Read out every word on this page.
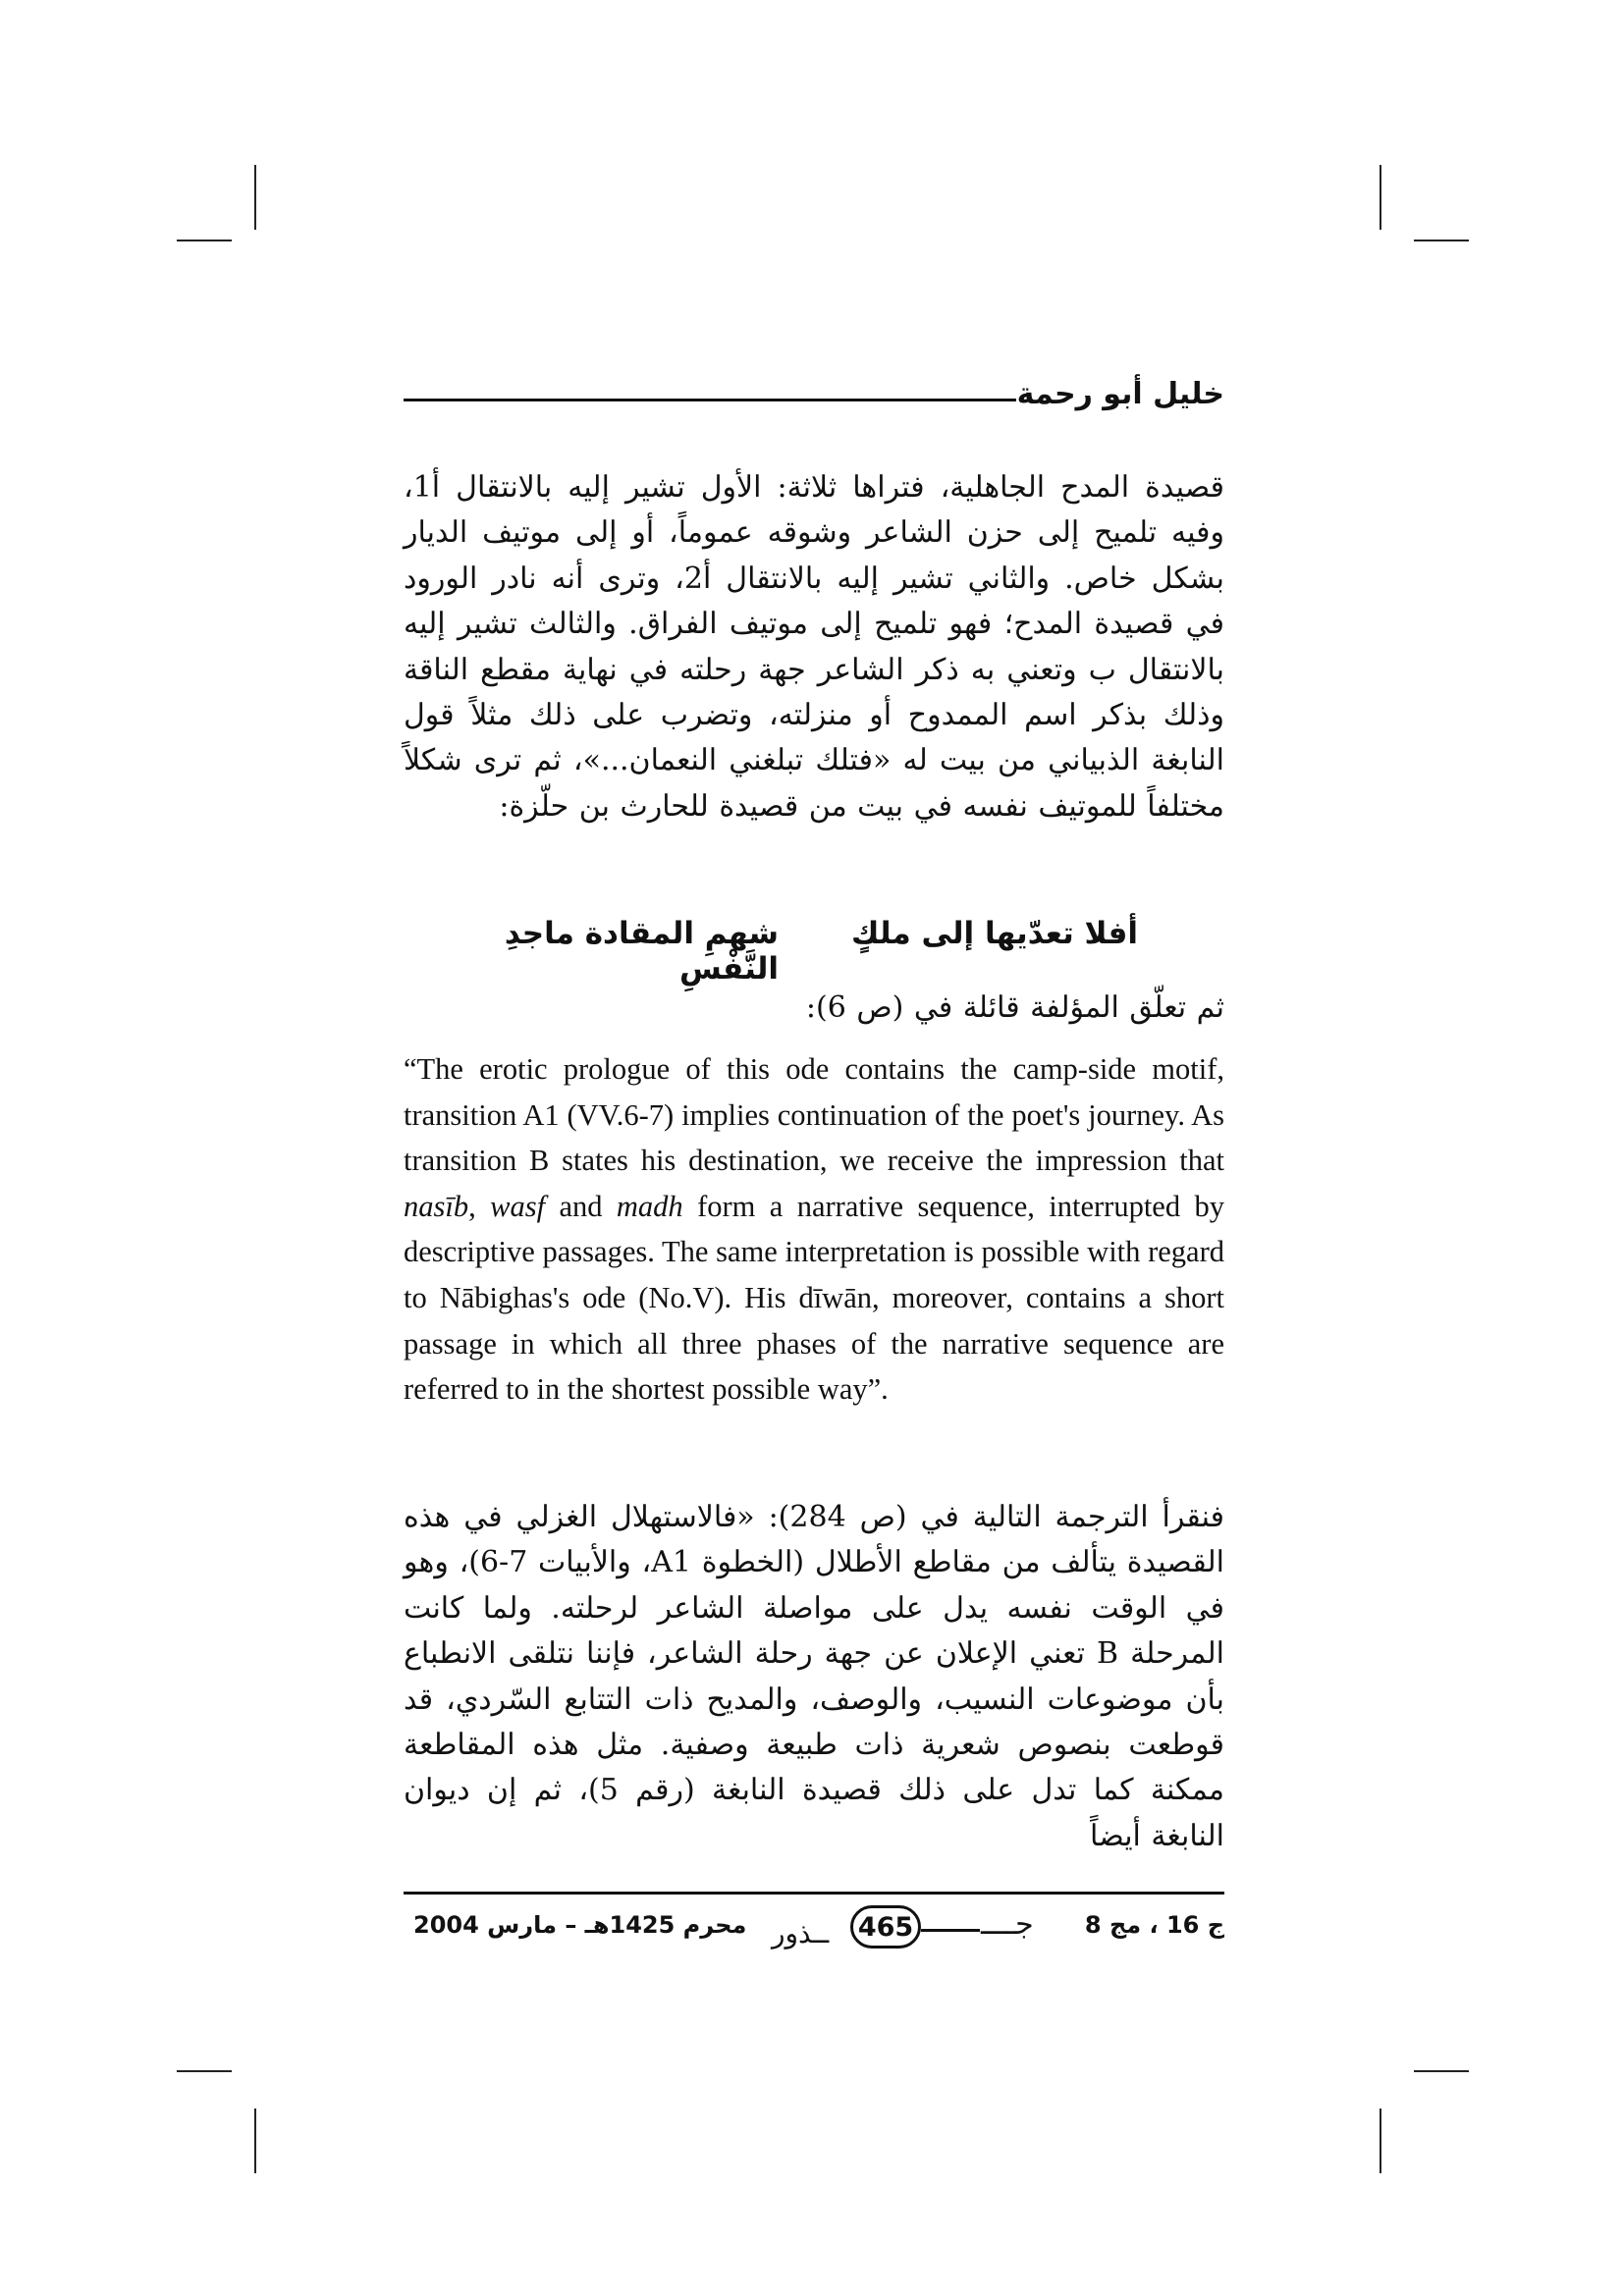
خليل أبو رحمة

قصيدة المدح الجاهلية، فتراها ثلاثة: الأول تشير إليه بالانتقال أ1، وفيه تلميح إلى حزن الشاعر وشوقه عموماً، أو إلى موتيف الديار بشكل خاص. والثاني تشير إليه بالانتقال أ2، وترى أنه نادر الورود في قصيدة المدح؛ فهو تلميح إلى موتيف الفراق. والثالث تشير إليه بالانتقال ب وتعني به ذكر الشاعر جهة رحلته في نهاية مقطع الناقة وذلك بذكر اسم الممدوح أو منزلته، وتضرب على ذلك مثلاً قول النابغة الذبياني من بيت له «فتلك تبلغني النعمان...»، ثم ترى شكلاً مختلفاً للموتيف نفسه في بيت من قصيدة للحارث بن حلّزة:

أفلا تعدّيها إلى ملكٍ
شهمِ المقادة ماجدِ النَّفْسِ

ثم تعلّق المؤلفة قائلة في (ص 6):

“The erotic prologue of this ode contains the camp-side motif, transition A1 (VV.6-7) implies continuation of the poet's journey. As transition B states his destination, we receive the impression that nasīb, wasf and madh form a narrative sequence, interrupted by descriptive passages. The same interpretation is possible with regard to Nābighas's ode (No.V). His dīwān, moreover, contains a short passage in which all three phases of the narrative sequence are referred to in the shortest possible way”.

فنقرأ الترجمة التالية في (ص 284): «فالاستهلال الغزلي في هذه القصيدة يتألف من مقاطع الأطلال (الخطوة A1، والأبيات 7-6)، وهو في الوقت نفسه يدل على مواصلة الشاعر لرحلته. ولما كانت المرحلة B تعني الإعلان عن جهة رحلة الشاعر، فإننا نتلقى الانطباع بأن موضوعات النسيب، والوصف، والمديح ذات التتابع السّردي، قد قوطعت بنصوص شعرية ذات طبيعة وصفية. مثل هذه المقاطعة ممكنة كما تدل على ذلك قصيدة النابغة (رقم 5)، ثم إن ديوان النابغة أيضاً

ج 16 ، مج 8
جــــ
465
ــذور
محرم 1425هـ – مارس 2004
